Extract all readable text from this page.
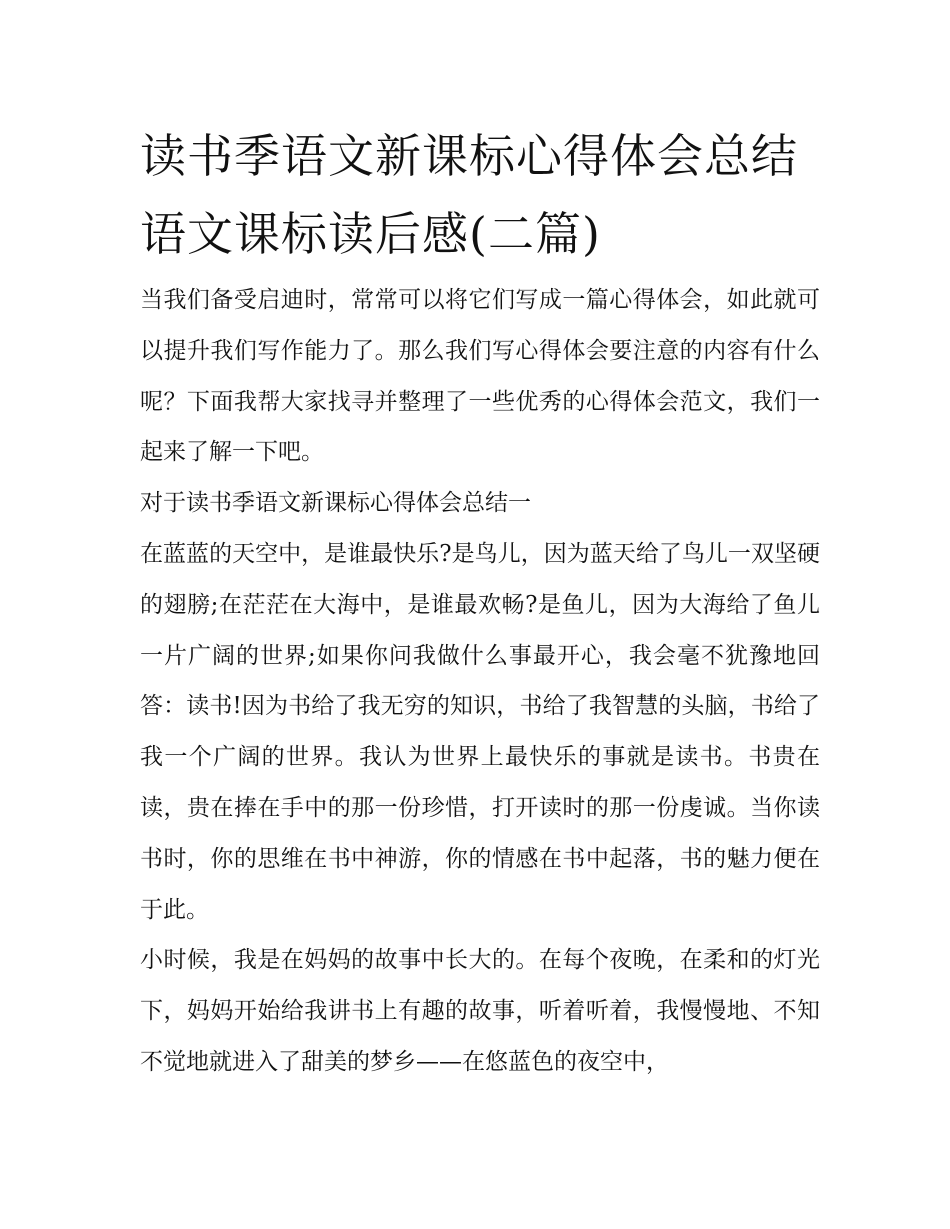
读书季语文新课标心得体会总结 语文课标读后感(二篇)

当我们备受启迪时，常常可以将它们写成一篇心得体会，如此就可以提升我们写作能力了。那么我们写心得体会要注意的内容有什么呢？下面我帮大家找寻并整理了一些优秀的心得体会范文，我们一起来了解一下吧。

对于读书季语文新课标心得体会总结一

在蓝蓝的天空中，是谁最快乐?是鸟儿，因为蓝天给了鸟儿一双坚硬的翅膀;在茫茫在大海中，是谁最欢畅?是鱼儿，因为大海给了鱼儿一片广阔的世界;如果你问我做什么事最开心，我会毫不犹豫地回答：读书!因为书给了我无穷的知识，书给了我智慧的头脑，书给了我一个广阔的世界。我认为世界上最快乐的事就是读书。书贵在读，贵在捧在手中的那一份珍惜，打开读时的那一份虔诚。当你读书时，你的思维在书中神游，你的情感在书中起落，书的魅力便在于此。

小时候，我是在妈妈的故事中长大的。在每个夜晚，在柔和的灯光下，妈妈开始给我讲书上有趣的故事，听着听着，我慢慢地、不知不觉地就进入了甜美的梦乡——在悠蓝色的夜空中，
